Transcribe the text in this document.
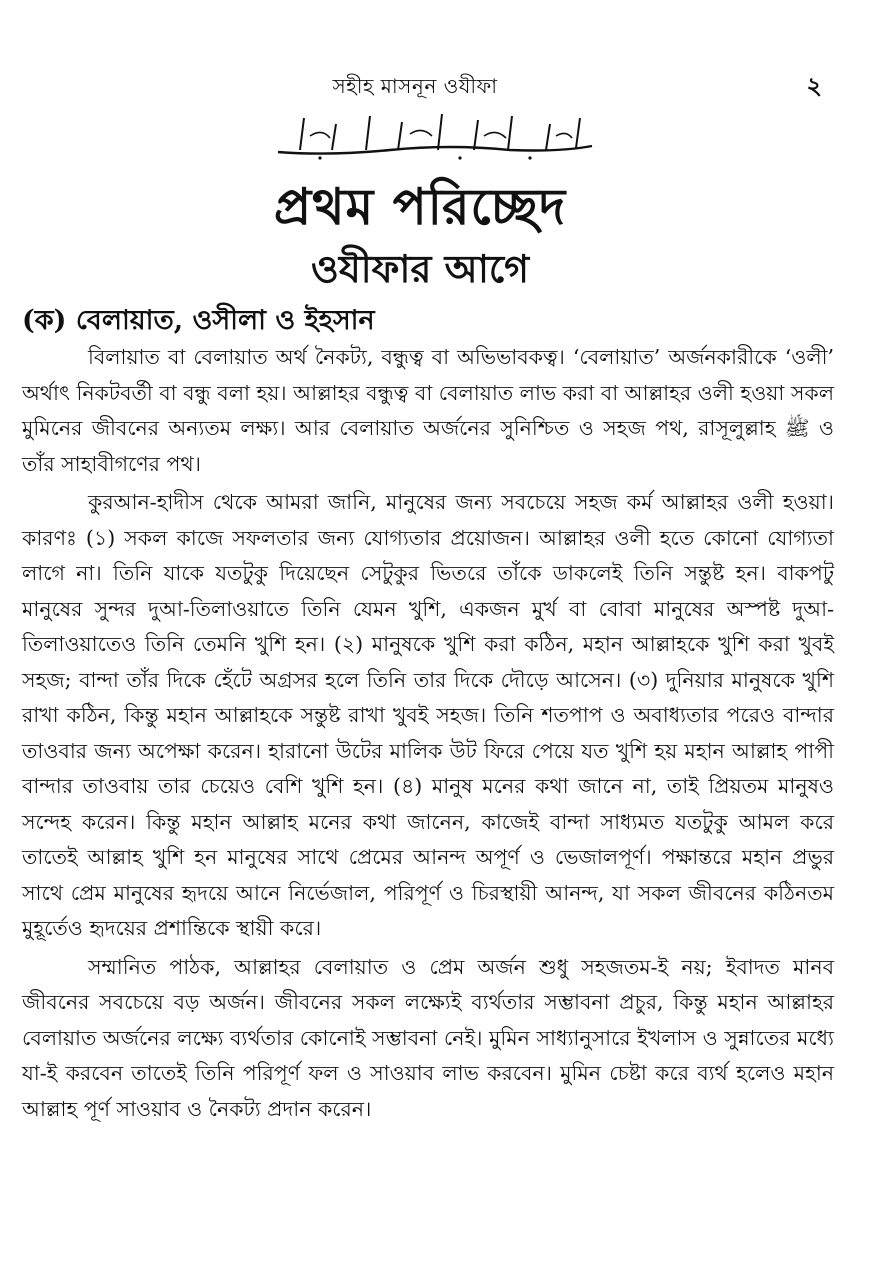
সহীহ মাসনূন ওযীফা	২
প্রথম পরিচ্ছেদ
ওযীফার আগে
(ক) বেলায়াত, ওসীলা ও ইহসান

বিলায়াত বা বেলায়াত অর্থ নৈকট্য, বন্ধুত্ব বা অভিভাবকত্ব। ‘বেলায়াত’ অর্জনকারীকে ‘ওলী’ অর্থাৎ নিকটবর্তী বা বন্ধু বলা হয়। আল্লাহর বন্ধুত্ব বা বেলায়াত লাভ করা বা আল্লাহর ওলী হওয়া সকল মুমিনের জীবনের অন্যতম লক্ষ্য। আর বেলায়াত অর্জনের সুনিশ্চিত ও সহজ পথ, রাসূলুল্লাহ ﷺ ও তাঁর সাহাবীগণের পথ।

কুরআন-হাদীস থেকে আমরা জানি, মানুষের জন্য সবচেয়ে সহজ কর্ম আল্লাহর ওলী হওয়া। কারণঃ (১) সকল কাজে সফলতার জন্য যোগ্যতার প্রয়োজন। আল্লাহর ওলী হতে কোনো যোগ্যতা লাগে না। তিনি যাকে যতটুকু দিয়েছেন সেটুকুর ভিতরে তাঁকে ডাকলেই তিনি সন্তুষ্ট হন। বাকপটু মানুষের সুন্দর দুআ-তিলাওয়াতে তিনি যেমন খুশি, একজন মুর্খ বা বোবা মানুষের অস্পষ্ট দুআ-তিলাওয়াতেও তিনি তেমনি খুশি হন। (২) মানুষকে খুশি করা কঠিন, মহান আল্লাহকে খুশি করা খুবই সহজ; বান্দা তাঁর দিকে হেঁটে অগ্রসর হলে তিনি তার দিকে দৌড়ে আসেন। (৩) দুনিয়ার মানুষকে খুশি রাখা কঠিন, কিন্তু মহান আল্লাহকে সন্তুষ্ট রাখা খুবই সহজ। তিনি শতপাপ ও অবাধ্যতার পরেও বান্দার তাওবার জন্য অপেক্ষা করেন। হারানো উটের মালিক উট ফিরে পেয়ে যত খুশি হয় মহান আল্লাহ পাপী বান্দার তাওবায় তার চেয়েও বেশি খুশি হন। (৪) মানুষ মনের কথা জানে না, তাই প্রিয়তম মানুষও সন্দেহ করেন। কিন্তু মহান আল্লাহ মনের কথা জানেন, কাজেই বান্দা সাধ্যমত যতটুকু আমল করে তাতেই আল্লাহ খুশি হন মানুষের সাথে প্রেমের আনন্দ অপূর্ণ ও ভেজালপূর্ণ। পক্ষান্তরে মহান প্রভুর সাথে প্রেম মানুষের হৃদয়ে আনে নির্ভেজাল, পরিপূর্ণ ও চিরস্থায়ী আনন্দ, যা সকল জীবনের কঠিনতম মুহূর্তেও হৃদয়ের প্রশান্তিকে স্থায়ী করে।

সম্মানিত পাঠক, আল্লাহর বেলায়াত ও প্রেম অর্জন শুধু সহজতম-ই নয়; ইবাদত মানব জীবনের সবচেয়ে বড় অর্জন। জীবনের সকল লক্ষ্যেই ব্যর্থতার সম্ভাবনা প্রচুর, কিন্তু মহান আল্লাহর বেলায়াত অর্জনের লক্ষ্যে ব্যর্থতার কোনোই সম্ভাবনা নেই। মুমিন সাধ্যানুসারে ইখলাস ও সুন্নাতের মধ্যে যা-ই করবেন তাতেই তিনি পরিপূর্ণ ফল ও সাওয়াব লাভ করবেন। মুমিন চেষ্টা করে ব্যর্থ হলেও মহান আল্লাহ পূর্ণ সাওয়াব ও নৈকট্য প্রদান করেন।
